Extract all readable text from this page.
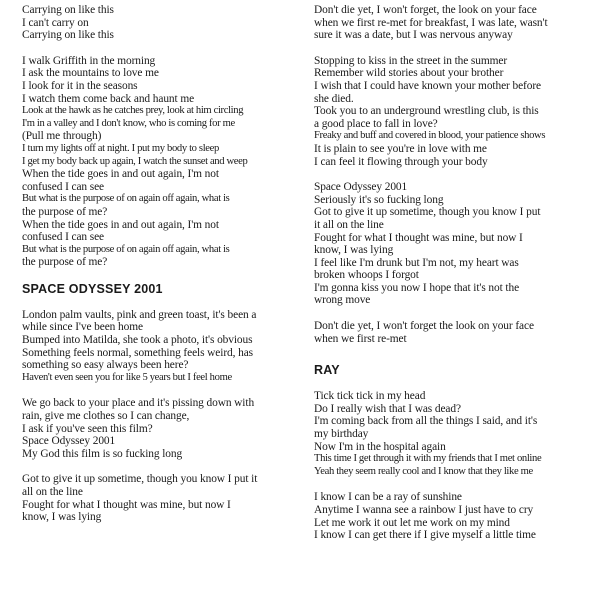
Carrying on like this
I can't carry on
Carrying on like this
I walk Griffith in the morning
I ask the mountains to love me
I look for it in the seasons
I watch them come back and haunt me
Look at the hawk as he catches prey, look at him circling
I'm in a valley and I don't know, who is coming for me
(Pull me through)
I turn my lights off at night. I put my body to sleep
I get my body back up again, I watch the sunset and weep
When the tide goes in and out again, I'm not
confused I can see
But what is the purpose of on again off again, what is
the purpose of me?
When the tide goes in and out again, I'm not
confused I can see
But what is the purpose of on again off again, what is
the purpose of me?
SPACE ODYSSEY 2001
London palm vaults, pink and green toast, it's been a
while since I've been home
Bumped into Matilda, she took a photo, it's obvious
Something feels normal, something feels weird, has
something so easy always been here?
Haven't even seen you for like 5 years but I feel home
We go back to your place and it's pissing down with
rain, give me clothes so I can change,
I ask if you've seen this film?
Space Odyssey 2001
My God this film is so fucking long
Got to give it up sometime, though you know I put it
all on the line
Fought for what I thought was mine, but now I
know, I was lying
Don't die yet, I won't forget, the look on your face
when we first re-met for breakfast, I was late, wasn't
sure it was a date, but I was nervous anyway
Stopping to kiss in the street in the summer
Remember wild stories about your brother
I wish that I could have known your mother before
she died.
Took you to an underground wrestling club, is this
a good place to fall in love?
Freaky and buff and covered in blood, your patience shows
It is plain to see you're in love with me
I can feel it flowing through your body
Space Odyssey 2001
Seriously it's so fucking long
Got to give it up sometime, though you know I put
it all on the line
Fought for what I thought was mine, but now I
know, I was lying
I feel like I'm drunk but I'm not, my heart was
broken whoops I forgot
I'm gonna kiss you now I hope that it's not the
wrong move
Don't die yet, I won't forget the look on your face
when we first re-met
RAY
Tick tick tick in my head
Do I really wish that I was dead?
I'm coming back from all the things I said, and it's
my birthday
Now I'm in the hospital again
This time I get through it with my friends that I met online
Yeah they seem really cool and I know that they like me
I know I can be a ray of sunshine
Anytime I wanna see a rainbow I just have to cry
Let me work it out let me work on my mind
I know I can get there if I give myself a little time
